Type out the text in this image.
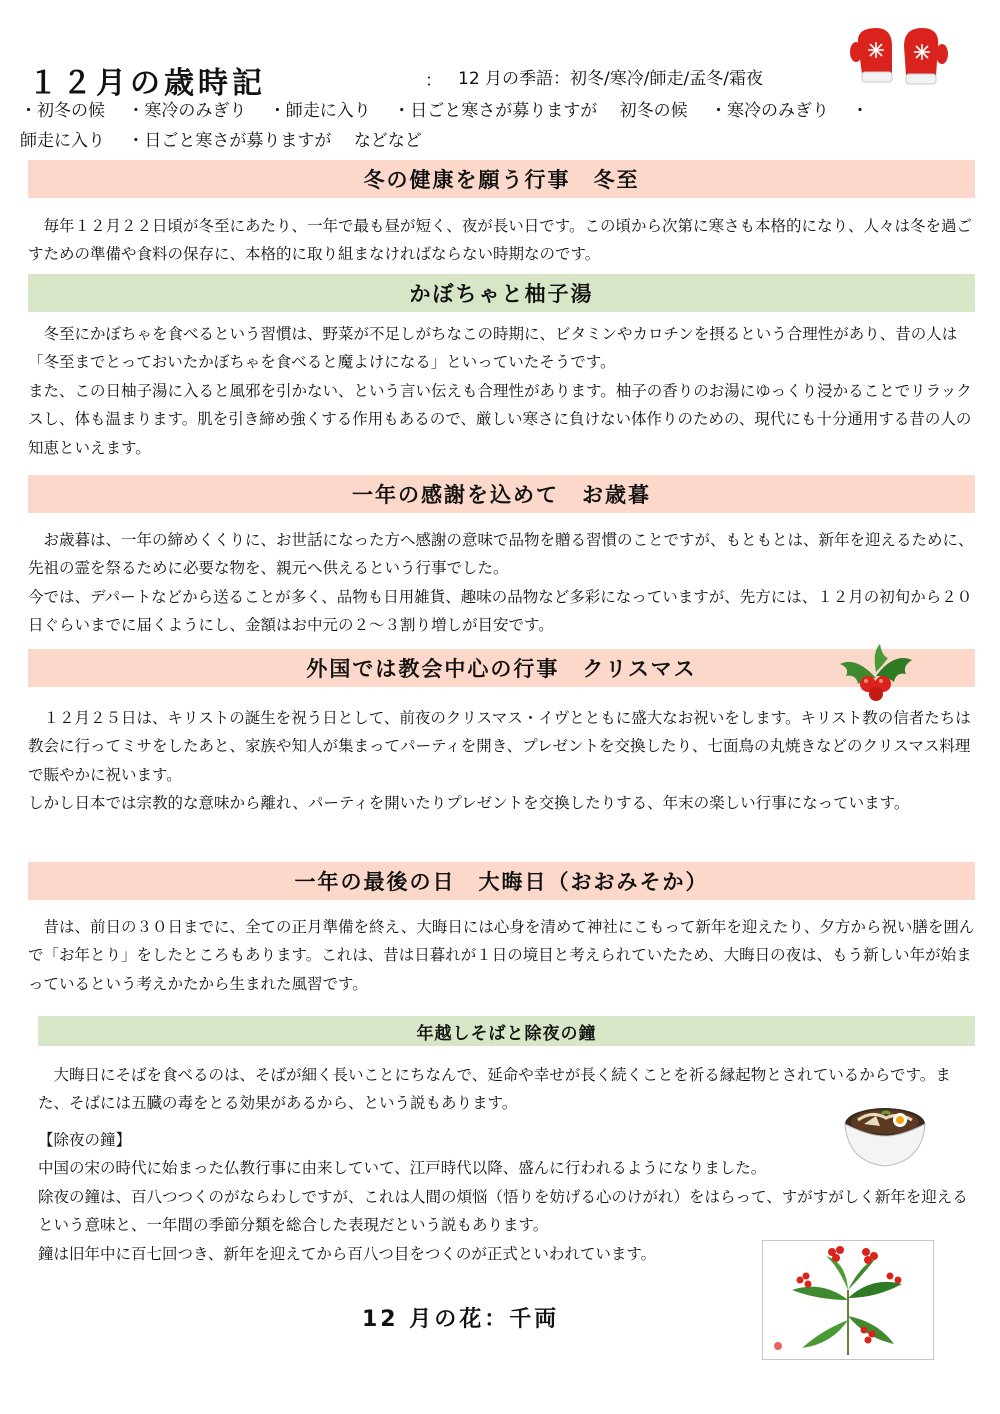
１２月の歳時記	： 12 月の季語：初冬/寒冷/師走/孟冬/霜夜
・初冬の候　 ・寒冷のみぎり　 ・師走に入り　 ・日ごと寒さが募りますが　 初冬の候　 ・寒冷のみぎり　 ・
師走に入り　 ・日ごと寒さが募りますが　 などなど
冬の健康を願う行事　冬至

　毎年１２月２２日頃が冬至にあたり、一年で最も昼が短く、夜が長い日です。この頃から次第に寒さも本格的になり、人々は冬を過ごすための準備や食料の保存に、本格的に取り組まなければならない時期なのです。

かぼちゃと柚子湯

　冬至にかぼちゃを食べるという習慣は、野菜が不足しがちなこの時期に、ビタミンやカロチンを摂るという合理性があり、昔の人は「冬至までとっておいたかぼちゃを食べると魔よけになる」といっていたそうです。

また、この日柚子湯に入ると風邪を引かない、という言い伝えも合理性があります。柚子の香りのお湯にゆっくり浸かることでリラックスし、体も温まります。肌を引き締め強くする作用もあるので、厳しい寒さに負けない体作りのための、現代にも十分通用する昔の人の知恵といえます。

一年の感謝を込めて　お歳暮

　お歳暮は、一年の締めくくりに、お世話になった方へ感謝の意味で品物を贈る習慣のことですが、もともとは、新年を迎えるために、先祖の霊を祭るために必要な物を、親元へ供えるという行事でした。

今では、デパートなどから送ることが多く、品物も日用雑貨、趣味の品物など多彩になっていますが、先方には、１２月の初旬から２０日ぐらいまでに届くようにし、金額はお中元の２～３割り増しが目安です。

外国では教会中心の行事　クリスマス

　１２月２５日は、キリストの誕生を祝う日として、前夜のクリスマス・イヴとともに盛大なお祝いをします。キリスト教の信者たちは教会に行ってミサをしたあと、家族や知人が集まってパーティを開き、プレゼントを交換したり、七面鳥の丸焼きなどのクリスマス料理で賑やかに祝います。

しかし日本では宗教的な意味から離れ、パーティを開いたりプレゼントを交換したりする、年末の楽しい行事になっています。

一年の最後の日　大晦日（おおみそか）

　昔は、前日の３０日までに、全ての正月準備を終え、大晦日には心身を清めて神社にこもって新年を迎えたり、夕方から祝い膳を囲んで「お年とり」をしたところもあります。これは、昔は日暮れが１日の境目と考えられていたため、大晦日の夜は、もう新しい年が始まっているという考えかたから生まれた風習です。

年越しそばと除夜の鐘

　大晦日にそばを食べるのは、そばが細く長いことにちなんで、延命や幸せが長く続くことを祈る縁起物とされているからです。また、そばには五臓の毒をとる効果があるから、という説もあります。

【除夜の鐘】

中国の宋の時代に始まった仏教行事に由来していて、江戸時代以降、盛んに行われるようになりました。

除夜の鐘は、百八つつくのがならわしですが、これは人間の煩悩（悟りを妨げる心のけがれ）をはらって、すがすがしく新年を迎えるという意味と、一年間の季節分類を総合した表現だという説もあります。

鐘は旧年中に百七回つき、新年を迎えてから百八つ目をつくのが正式といわれています。

12 月の花：千両
